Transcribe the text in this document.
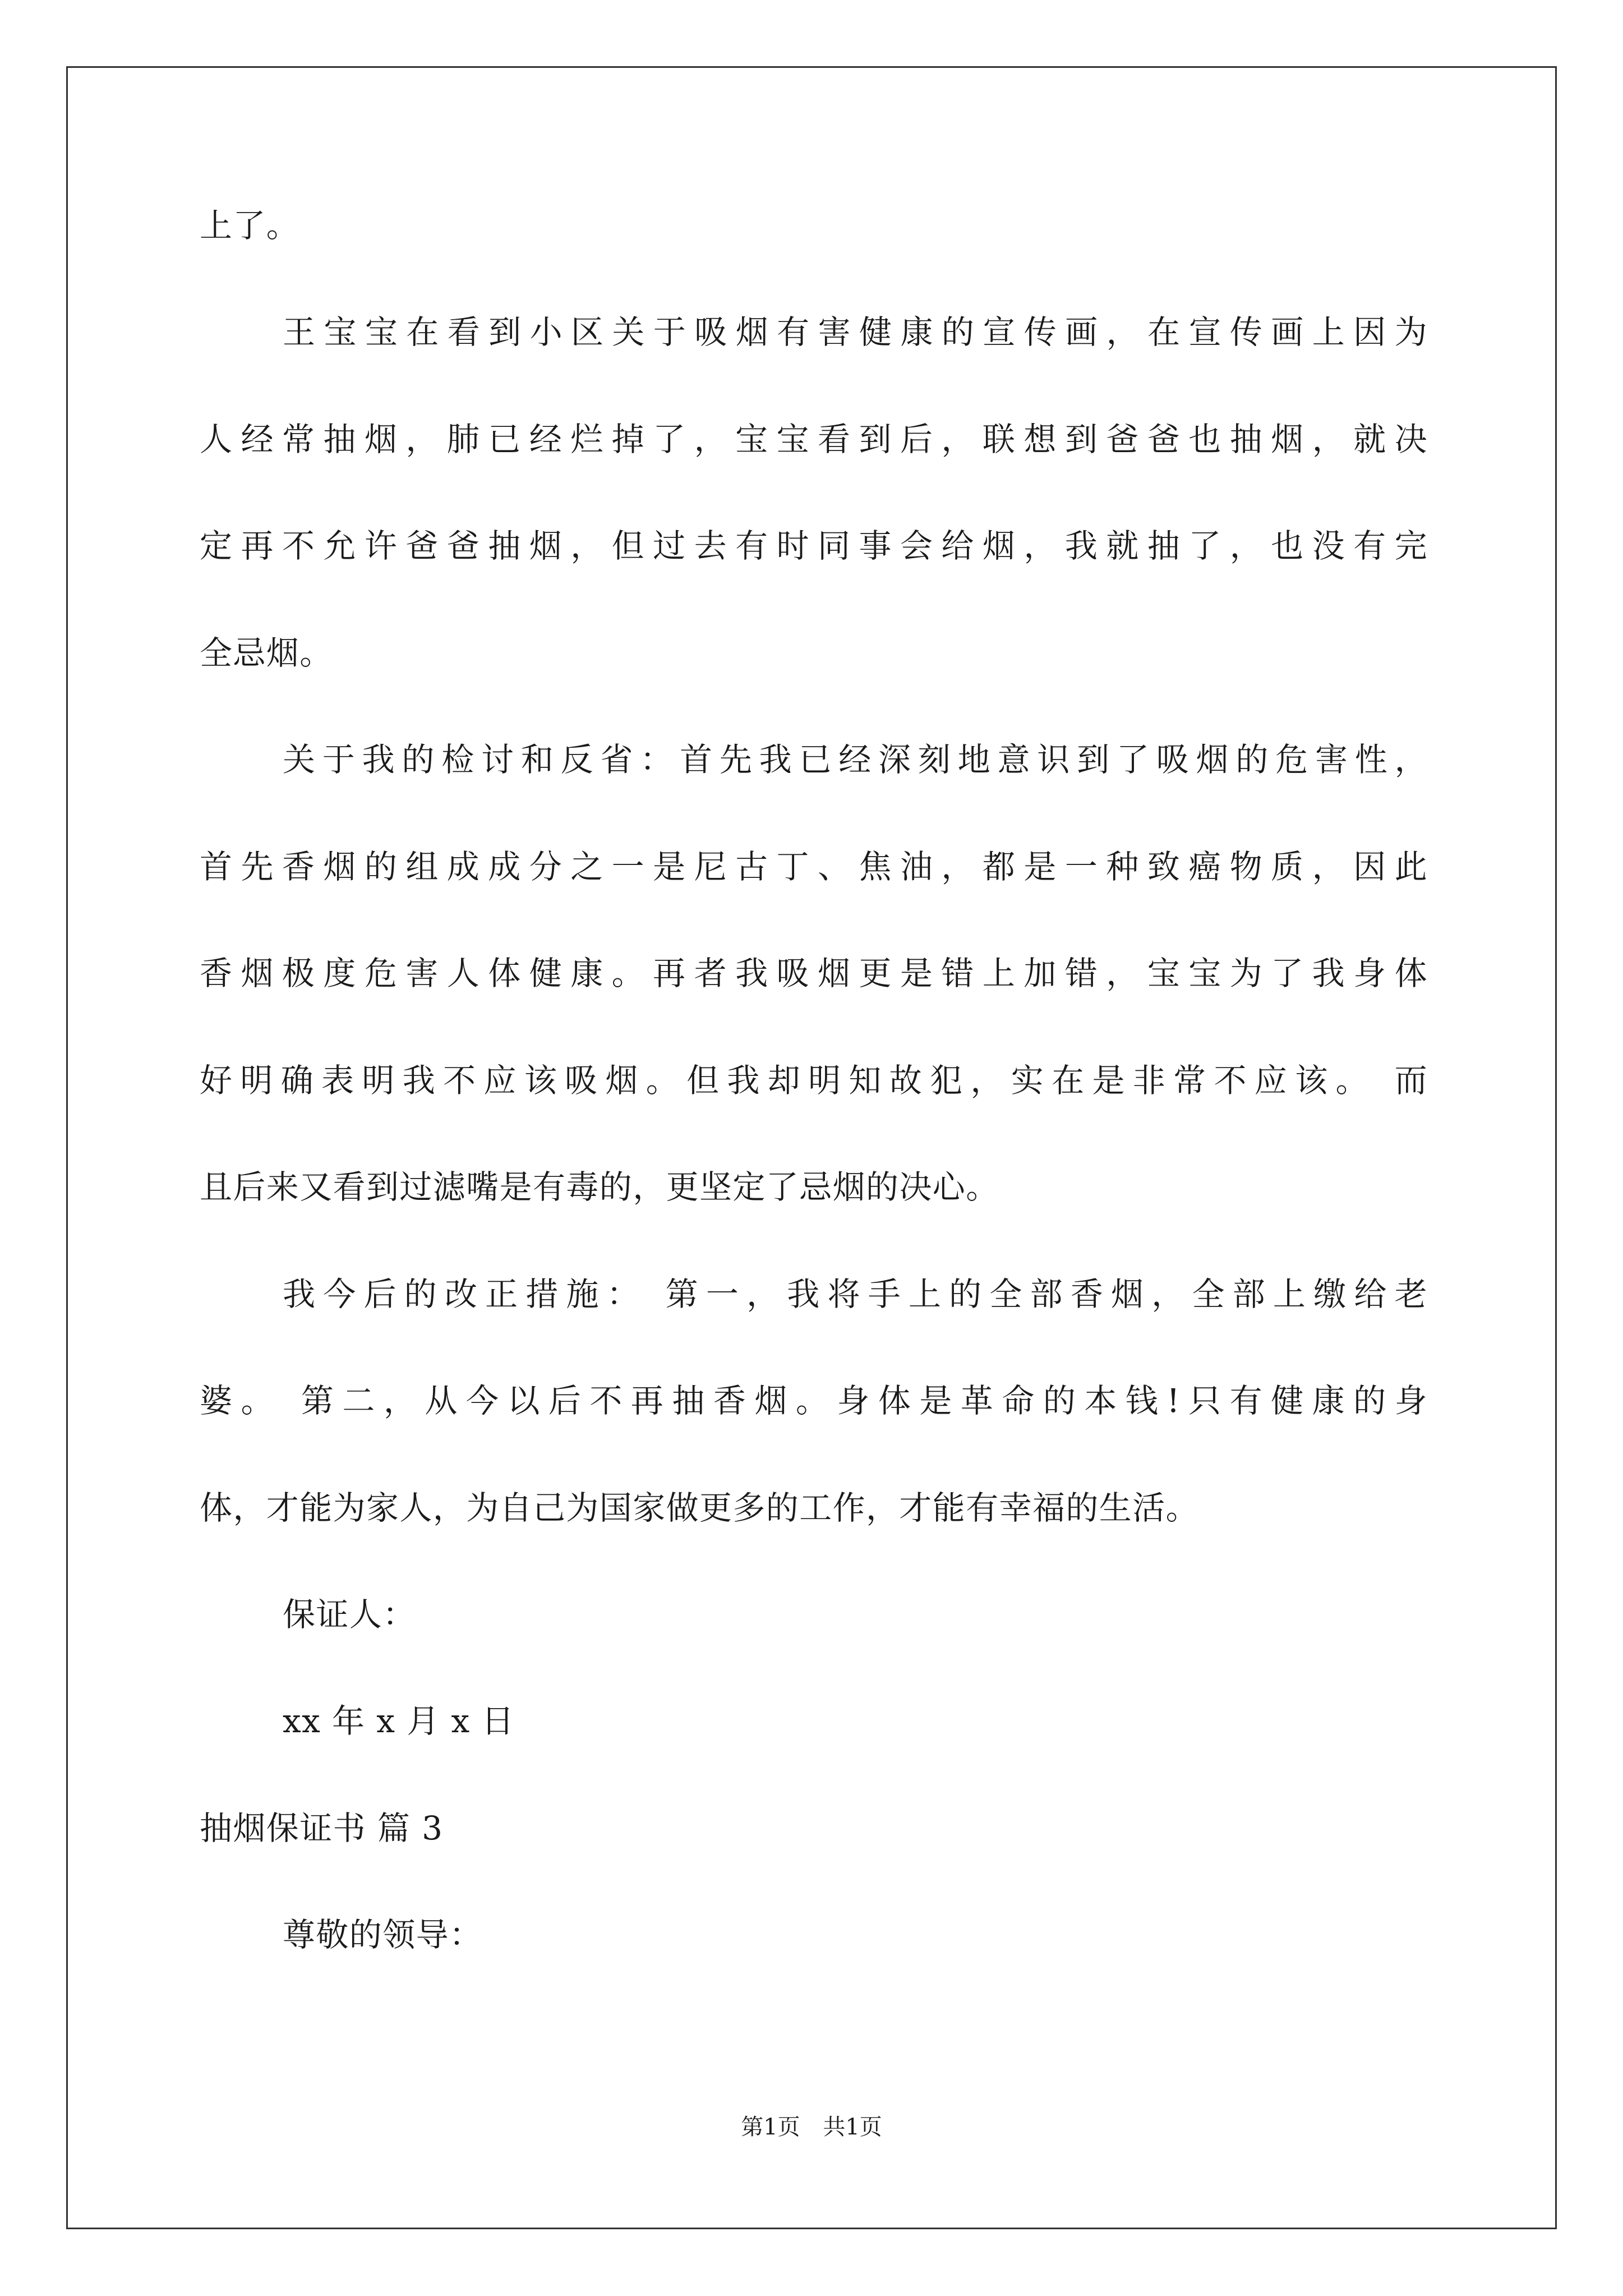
上了。
王宝宝在看到小区关于吸烟有害健康的宣传画，在宣传画上因为
人经常抽烟，肺已经烂掉了，宝宝看到后，联想到爸爸也抽烟，就决
定再不允许爸爸抽烟，但过去有时同事会给烟，我就抽了，也没有完
全忌烟。
关于我的检讨和反省：首先我已经深刻地意识到了吸烟的危害性，
首先香烟的组成成分之一是尼古丁、焦油，都是一种致癌物质，因此
香烟极度危害人体健康。再者我吸烟更是错上加错，宝宝为了我身体
好明确表明我不应该吸烟。但我却明知故犯，实在是非常不应该。 而
且后来又看到过滤嘴是有毒的，更坚定了忌烟的决心。
我今后的改正措施： 第一，我将手上的全部香烟，全部上缴给老
婆。 第二，从今以后不再抽香烟。身体是革命的本钱!只有健康的身
体，才能为家人，为自己为国家做更多的工作，才能有幸福的生活。
保证人：
xx 年 x 月 x 日
抽烟保证书 篇 3
尊敬的领导：
第1页 共1页
